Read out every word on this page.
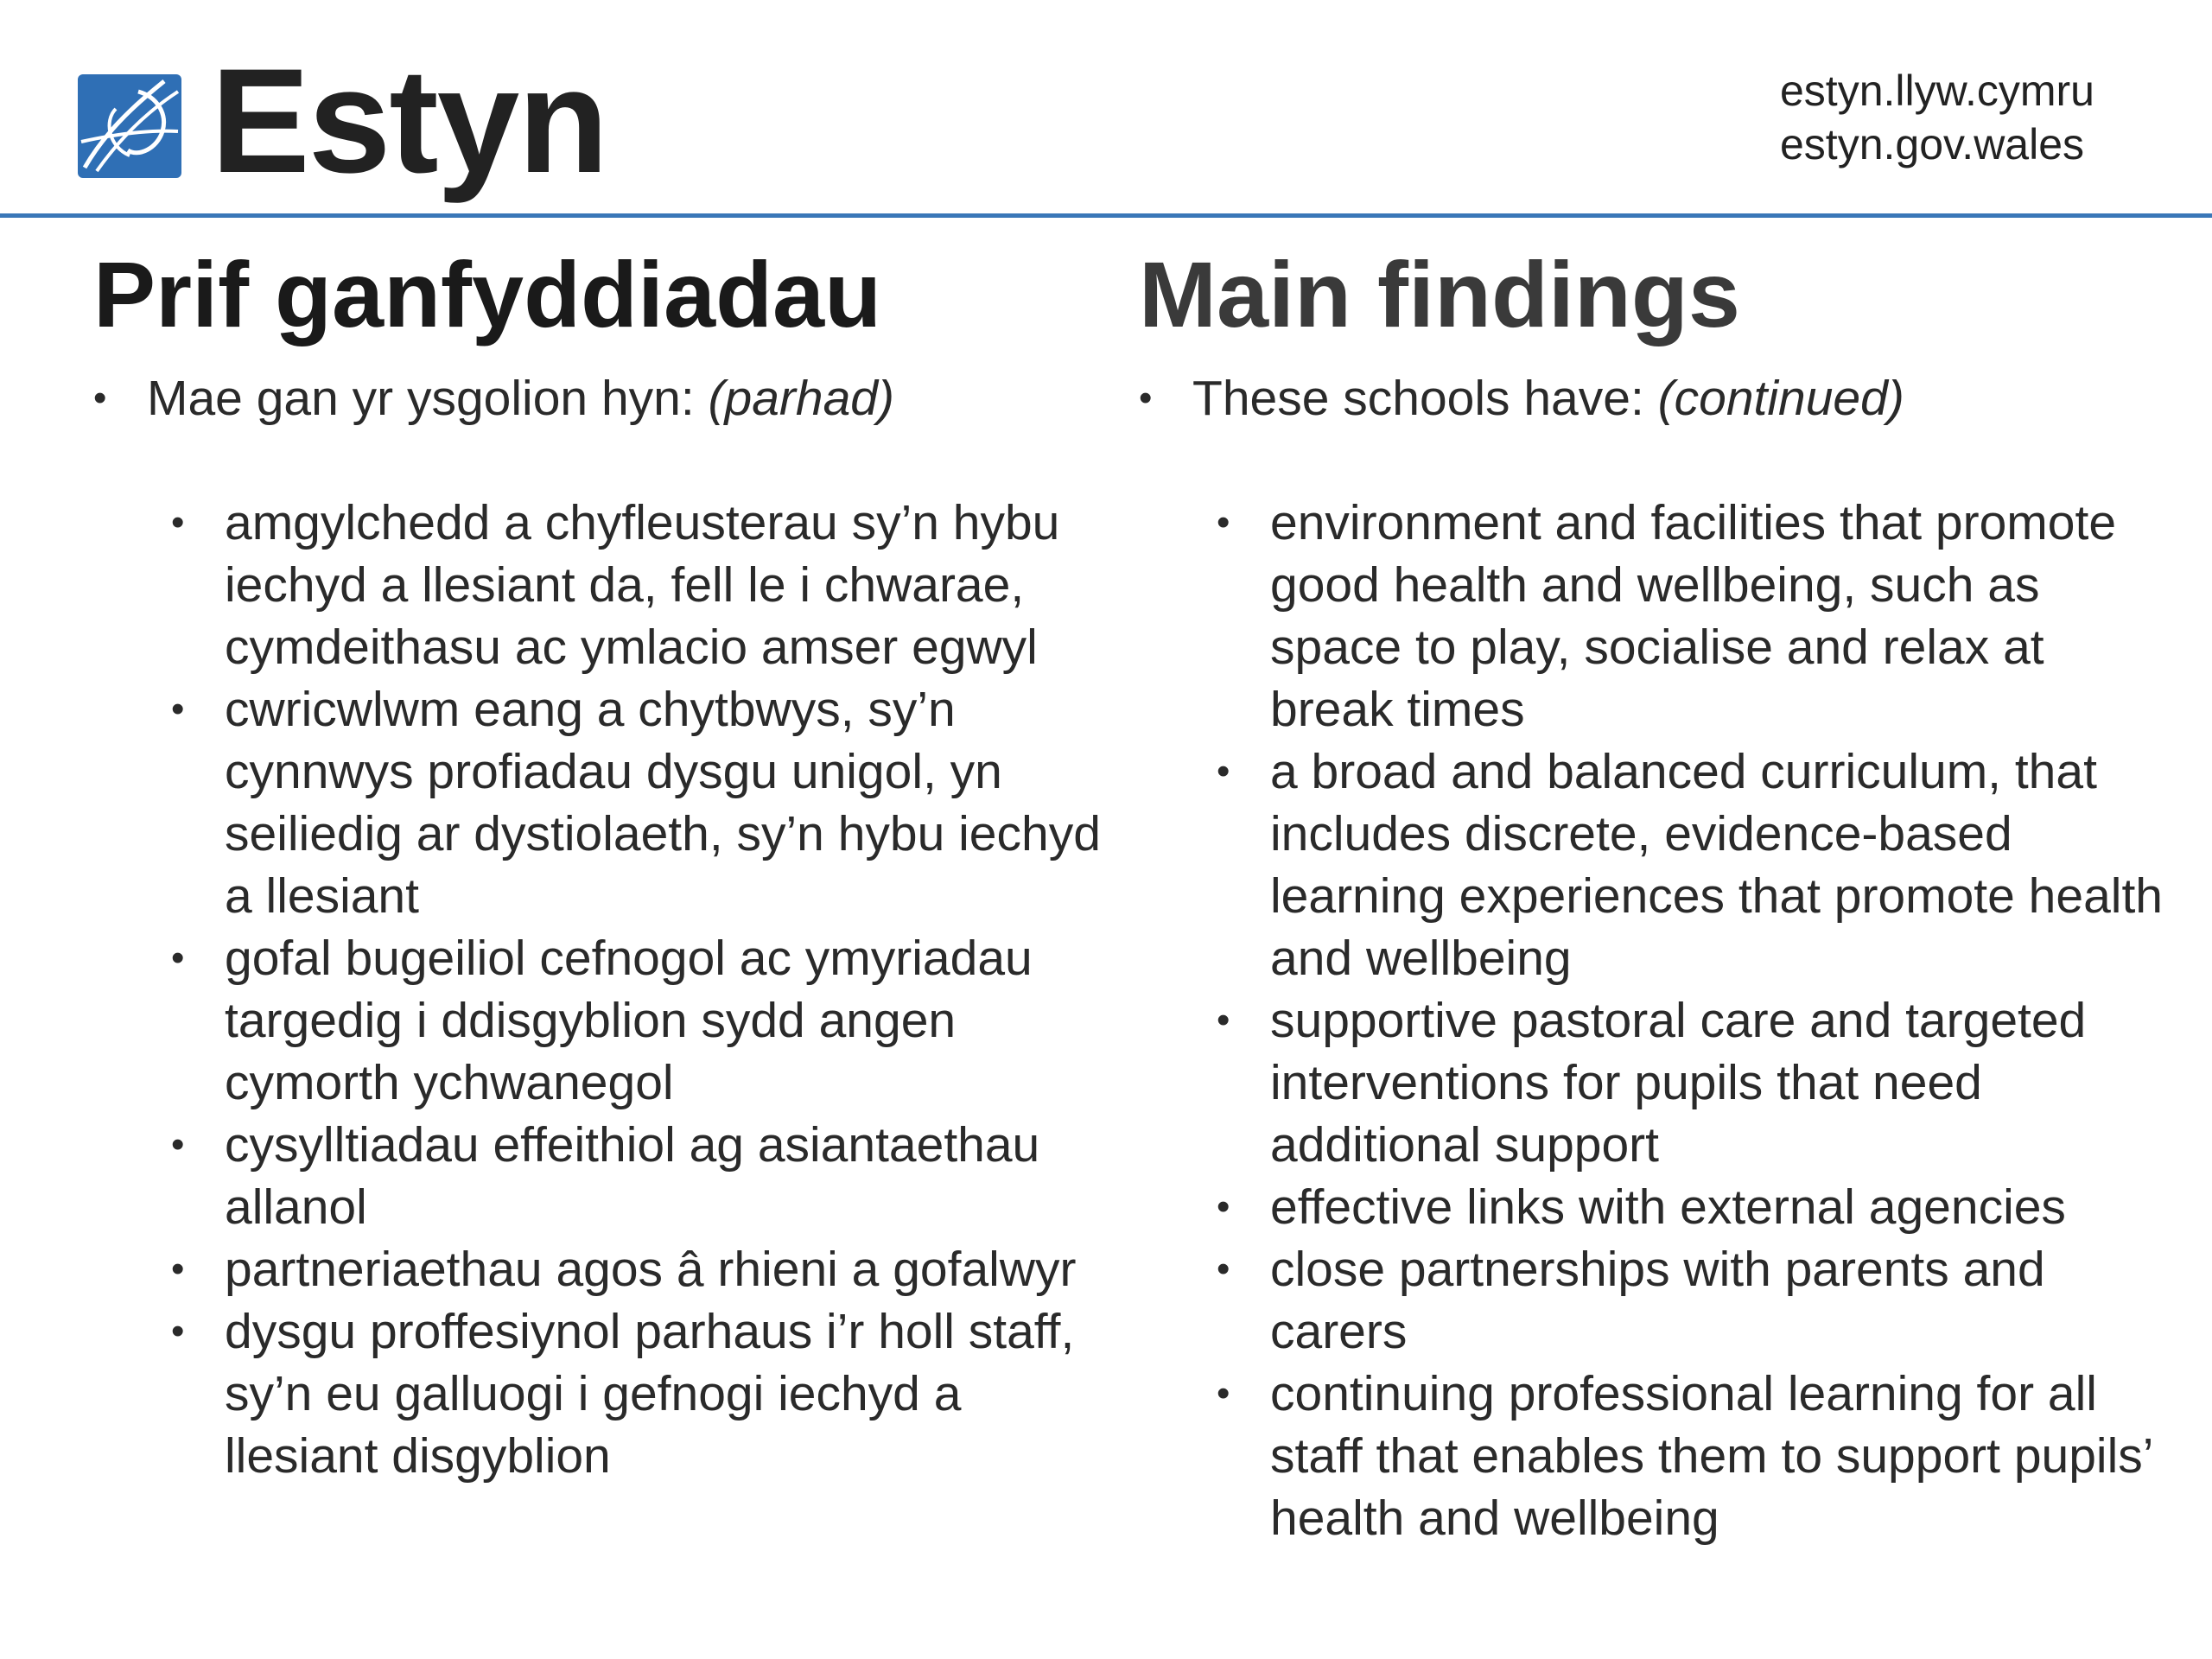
Estyn	estyn.llyw.cymru
estyn.gov.wales
Prif ganfyddiadau
• Mae gan yr ysgolion hyn: (parhad)
• amgylchedd a chyfleusterau sy’n hybu iechyd a llesiant da, fell le i chwarae, cymdeithasu ac ymlacio amser egwyl
• cwricwlwm eang a chytbwys, sy’n cynnwys profiadau dysgu unigol, yn seiliedig ar dystiolaeth, sy’n hybu iechyd a llesiant
• gofal bugeiliol cefnogol ac ymyriadau targedig i ddisgyblion sydd angen cymorth ychwanegol
• cysylltiadau effeithiol ag asiantaethau allanol
• partneriaethau agos â rhieni a gofalwyr
• dysgu proffesiynol parhaus i’r holl staff, sy’n eu galluogi i gefnogi iechyd a llesiant disgyblion
Main findings
• These schools have: (continued)
• environment and facilities that promote good health and wellbeing, such as space to play, socialise and relax at break times
• a broad and balanced curriculum, that includes discrete, evidence-based learning experiences that promote health and wellbeing
• supportive pastoral care and targeted interventions for pupils that need additional support
• effective links with external agencies
• close partnerships with parents and carers
• continuing professional learning for all staff that enables them to support pupils’ health and wellbeing
